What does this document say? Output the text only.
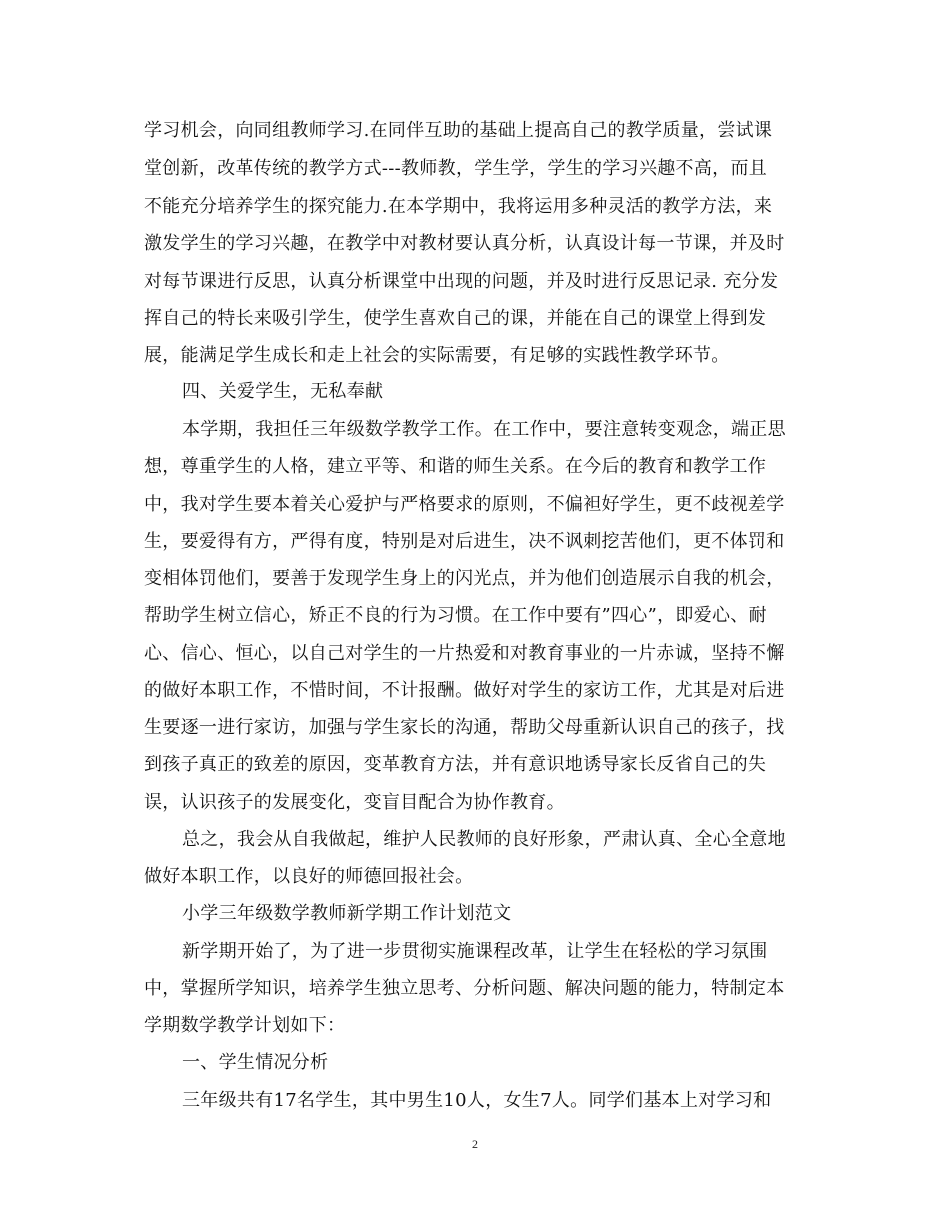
学习机会，向同组教师学习.在同伴互助的基础上提高自己的教学质量，尝试课
堂创新，改革传统的教学方式---教师教，学生学，学生的学习兴趣不高，而且
不能充分培养学生的探究能力.在本学期中，我将运用多种灵活的教学方法，来
激发学生的学习兴趣，在教学中对教材要认真分析，认真设计每一节课，并及时
对每节课进行反思，认真分析课堂中出现的问题，并及时进行反思记录. 充分发
挥自己的特长来吸引学生，使学生喜欢自己的课，并能在自己的课堂上得到发
展，能满足学生成长和走上社会的实际需要，有足够的实践性教学环节。
四、关爱学生，无私奉献
本学期，我担任三年级数学教学工作。在工作中，要注意转变观念，端正思
想，尊重学生的人格，建立平等、和谐的师生关系。在今后的教育和教学工作
中，我对学生要本着关心爱护与严格要求的原则，不偏袒好学生，更不歧视差学
生，要爱得有方，严得有度，特别是对后进生，决不讽刺挖苦他们，更不体罚和
变相体罚他们，要善于发现学生身上的闪光点，并为他们创造展示自我的机会，
帮助学生树立信心，矫正不良的行为习惯。在工作中要有”四心”，即爱心、耐
心、信心、恒心，以自己对学生的一片热爱和对教育事业的一片赤诚，坚持不懈
的做好本职工作，不惜时间，不计报酬。做好对学生的家访工作，尤其是对后进
生要逐一进行家访，加强与学生家长的沟通，帮助父母重新认识自己的孩子，找
到孩子真正的致差的原因，变革教育方法，并有意识地诱导家长反省自己的失
误，认识孩子的发展变化，变盲目配合为协作教育。
总之，我会从自我做起，维护人民教师的良好形象，严肃认真、全心全意地
做好本职工作，以良好的师德回报社会。
小学三年级数学教师新学期工作计划范文
新学期开始了，为了进一步贯彻实施课程改革，让学生在轻松的学习氛围
中，掌握所学知识，培养学生独立思考、分析问题、解决问题的能力，特制定本
学期数学教学计划如下：
一、学生情况分析
三年级共有17名学生，其中男生10人，女生7人。同学们基本上对学习和
2
